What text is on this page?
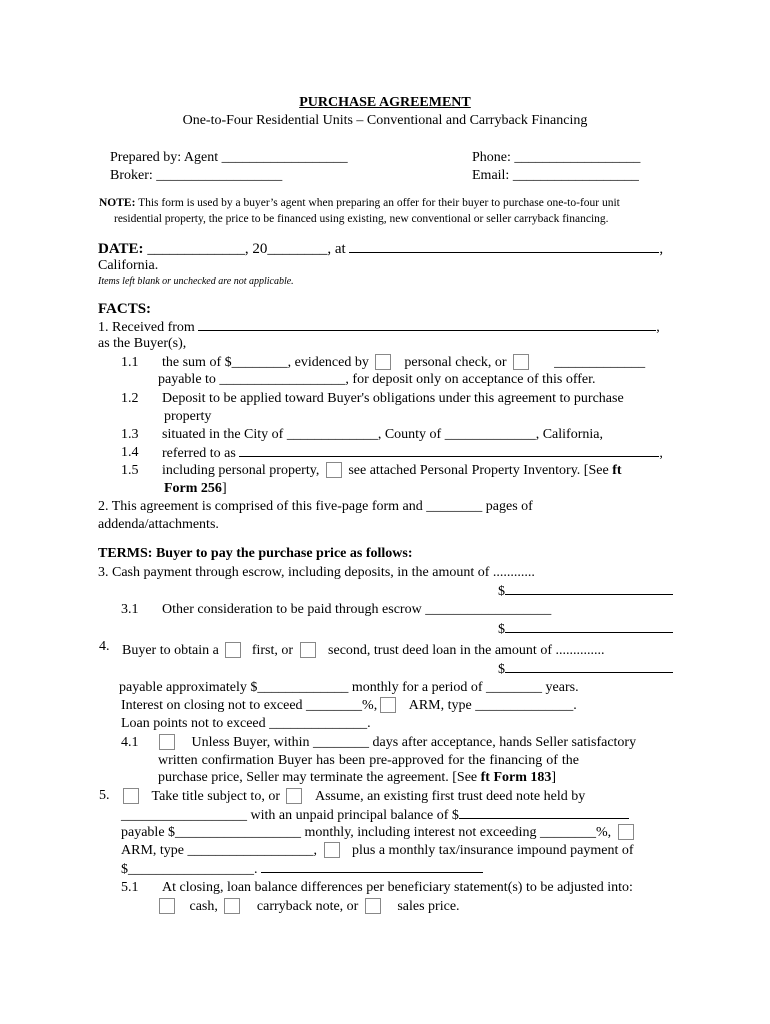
PURCHASE AGREEMENT
One-to-Four Residential Units – Conventional and Carryback Financing
Prepared by: Agent __________________	Phone: __________________
Broker: __________________	Email: __________________
NOTE: This form is used by a buyer’s agent when preparing an offer for their buyer to purchase one-to-four unit
residential property, the price to be financed using existing, new conventional or seller carryback financing.
DATE: _____________, 20________, at	,
California.
Items left blank or unchecked are not applicable.
FACTS:
1. Received from	,
as the Buyer(s),
1.1 the sum of $________, evidenced by	personal check, or	_____________
payable to __________________, for deposit only on acceptance of this offer.
1.2 Deposit to be applied toward Buyer's obligations under this agreement to purchase
property
1.3 situated in the City of _____________, County of _____________, California,
1.4 referred to as	,
1.5 including personal property, see attached Personal Property Inventory. [See ft
Form 256]
2. This agreement is comprised of this five-page form and ________ pages of
addenda/attachments.
TERMS: Buyer to pay the purchase price as follows:
3. Cash payment through escrow, including deposits, in the amount of ............
$
3.1 Other consideration to be paid through escrow __________________
$
4. Buyer to obtain a first, or	second, trust deed loan in the amount of ..............
$
payable approximately $_____________ monthly for a period of ________ years.
Interest on closing not to exceed ________%, ARM, type ______________.
Loan points not to exceed ______________.
4.1	Unless Buyer, within ________ days after acceptance, hands Seller satisfactory
written confirmation Buyer has been pre-approved for the financing of the
purchase price, Seller may terminate the agreement. [See ft Form 183]
5.	Take title subject to, or	Assume, an existing first trust deed note held by
__________________ with an unpaid principal balance of $
payable $__________________ monthly, including interest not exceeding ________%,
ARM, type __________________,	plus a monthly tax/insurance impound payment of
$__________________.
5.1 At closing, loan balance differences per beneficiary statement(s) to be adjusted into:
cash,	carryback note, or	sales price.
